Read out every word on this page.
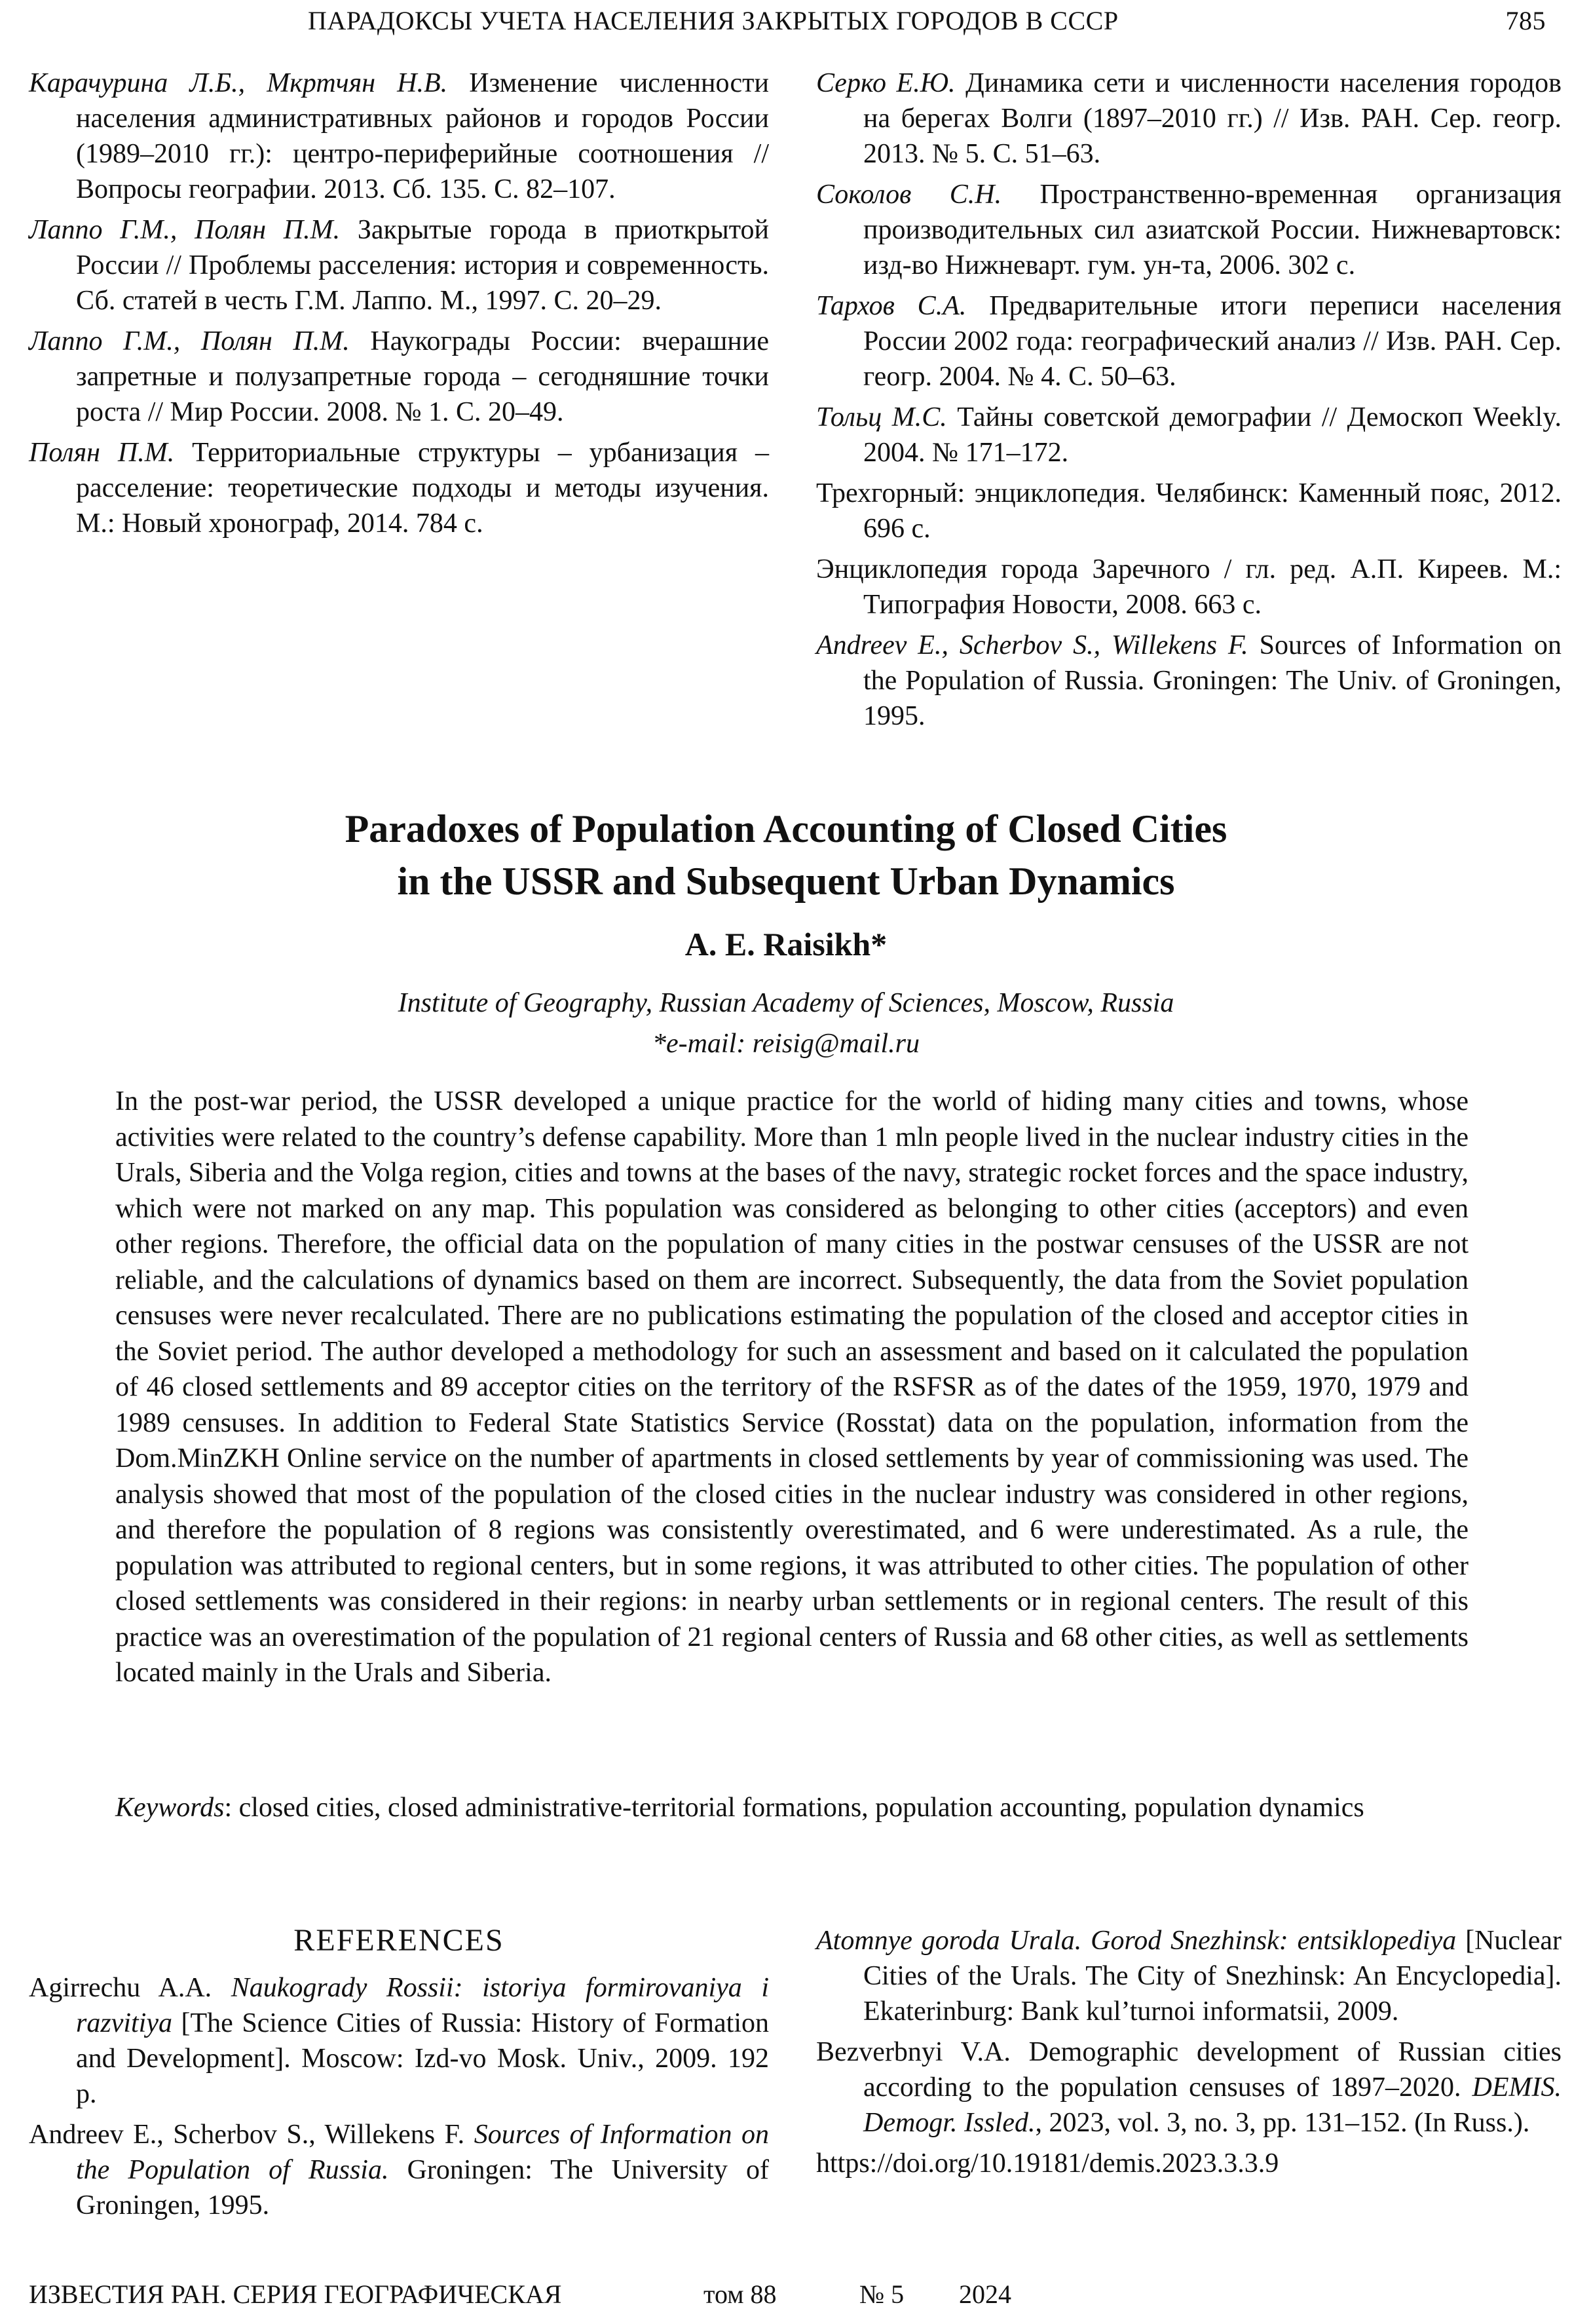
ПАРАДОКСЫ УЧЕТА НАСЕЛЕНИЯ ЗАКРЫТЫХ ГОРОДОВ В СССР	785

Карачурина Л.Б., Мкртчян Н.В. Изменение численности населения административных районов и городов России (1989–2010 гг.): центро-периферийные соотношения // Вопросы географии. 2013. Сб. 135. С. 82–107.

Лаппо Г.М., Полян П.М. Закрытые города в приоткрытой России // Проблемы расселения: история и современность. Сб. статей в честь Г.М. Лаппо. М., 1997. С. 20–29.

Лаппо Г.М., Полян П.М. Наукограды России: вчерашние запретные и полузапретные города – сегодняшние точки роста // Мир России. 2008. № 1. С. 20–49.

Полян П.М. Территориальные структуры – урбанизация – расселение: теоретические подходы и методы изучения. М.: Новый хронограф, 2014. 784 с.

Серко Е.Ю. Динамика сети и численности населения городов на берегах Волги (1897–2010 гг.) // Изв. РАН. Сер. геогр. 2013. № 5. С. 51–63.

Соколов С.Н. Пространственно-временная организация производительных сил азиатской России. Нижневартовск: изд-во Нижневарт. гум. ун-та, 2006. 302 с.

Тархов С.А. Предварительные итоги переписи населения России 2002 года: географический анализ // Изв. РАН. Сер. геогр. 2004. № 4. С. 50–63.

Тольц М.С. Тайны советской демографии // Демоскоп Weekly. 2004. № 171–172.

Трехгорный: энциклопедия. Челябинск: Каменный пояс, 2012. 696 с.

Энциклопедия города Заречного / гл. ред. А.П. Киреев. М.: Типография Новости, 2008. 663 с.

Andreev E., Scherbov S., Willekens F. Sources of Information on the Population of Russia. Groningen: The Univ. of Groningen, 1995.

Paradoxes of Population Accounting of Closed Cities
in the USSR and Subsequent Urban Dynamics
A. E. Raisikh*
Institute of Geography, Russian Academy of Sciences, Moscow, Russia
*e-mail: reisig@mail.ru
In the post-war period, the USSR developed a unique practice for the world of hiding many cities and towns, whose activities were related to the country’s defense capability. More than 1 mln people lived in the nuclear industry cities in the Urals, Siberia and the Volga region, cities and towns at the bases of the navy, strategic rocket forces and the space industry, which were not marked on any map. This population was considered as belonging to other cities (acceptors) and even other regions. Therefore, the official data on the population of many cities in the postwar censuses of the USSR are not reliable, and the calculations of dynamics based on them are incorrect. Subsequently, the data from the Soviet population censuses were never recalculated. There are no publications estimating the population of the closed and acceptor cities in the Soviet period. The author developed a methodology for such an assessment and based on it calculated the population of 46 closed settlements and 89 acceptor cities on the territory of the RSFSR as of the dates of the 1959, 1970, 1979 and 1989 censuses. In addition to Federal State Statistics Service (Rosstat) data on the population, information from the Dom.MinZKH Online service on the number of apartments in closed settlements by year of commissioning was used. The analysis showed that most of the population of the closed cities in the nuclear industry was considered in other regions, and therefore the population of 8 regions was consistently overestimated, and 6 were underestimated. As a rule, the population was attributed to regional centers, but in some regions, it was attributed to other cities. The population of other closed settlements was considered in their regions: in nearby urban settlements or in regional centers. The result of this practice was an overestimation of the population of 21 regional centers of Russia and 68 other cities, as well as settlements located mainly in the Urals and Siberia.
Keywords: closed cities, closed administrative-territorial formations, population accounting, population dynamics
REFERENCES

Agirrechu A.A. Naukogrady Rossii: istoriya formirovaniya i razvitiya [The Science Cities of Russia: History of Formation and Development]. Moscow: Izd-vo Mosk. Univ., 2009. 192 p.

Andreev E., Scherbov S., Willekens F. Sources of Information on the Population of Russia. Groningen: The University of Groningen, 1995.

Atomnye goroda Urala. Gorod Snezhinsk: entsiklopediya [Nuclear Cities of the Urals. The City of Snezhinsk: An Encyclopedia]. Ekaterinburg: Bank kul’turnoi informatsii, 2009.

Bezverbnyi V.A. Demographic development of Russian cities according to the population censuses of 1897–2020. DEMIS. Demogr. Issled., 2023, vol. 3, no. 3, pp. 131–152. (In Russ.).

https://doi.org/10.19181/demis.2023.3.3.9

ИЗВЕСТИЯ РАН. СЕРИЯ ГЕОГРАФИЧЕСКАЯ	том 88	№ 5 2024
